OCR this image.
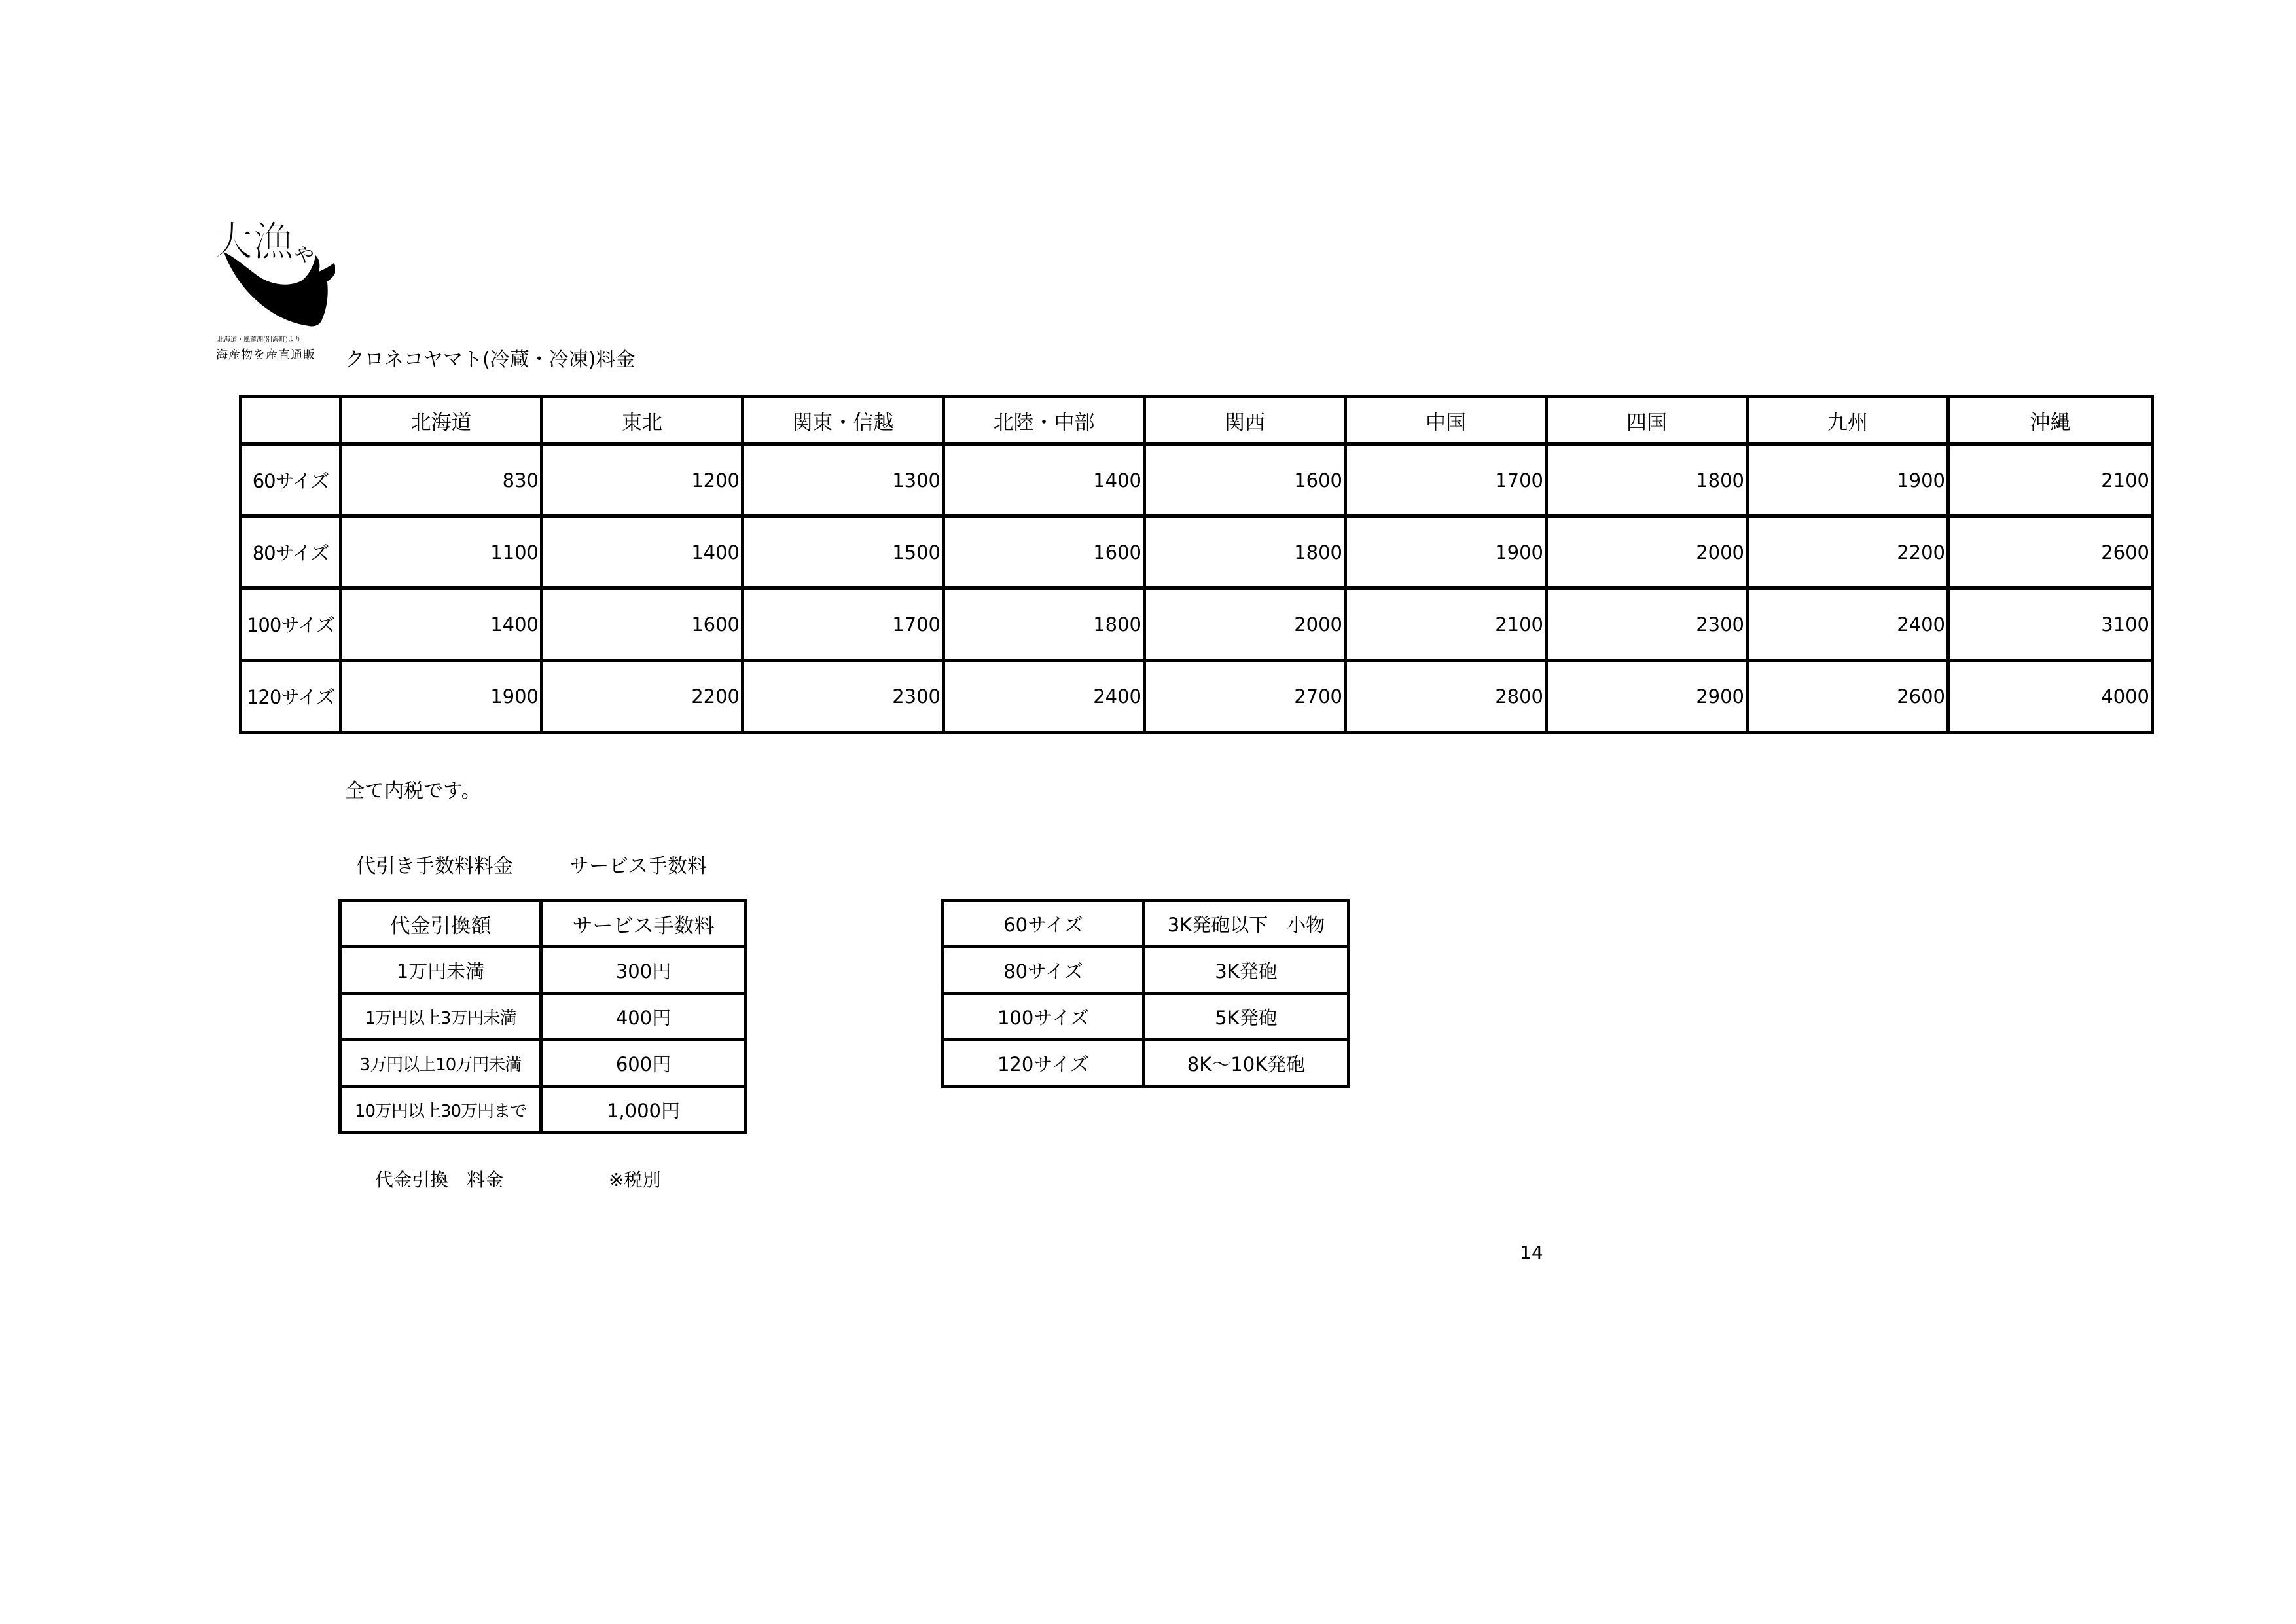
大漁 や
北海道・風蓮湖(別海町)より
海産物を産直通販	クロネコヤマト(冷蔵・冷凍)料金
	北海道	東北	関東・信越	北陸・中部	関西	中国	四国	九州	沖縄
60サイズ	830	1200	1300	1400	1600	1700	1800	1900	2100
80サイズ	1100	1400	1500	1600	1800	1900	2000	2200	2600
100サイズ	1400	1600	1700	1800	2000	2100	2300	2400	3100
120サイズ	1900	2200	2300	2400	2700	2800	2900	2600	4000
全て内税です。
代引き手数料料金	サービス手数料
代金引換額	サービス手数料
1万円未満	300円
1万円以上3万円未満	400円
3万円以上10万円未満	600円
10万円以上30万円まで	1,000円
60サイズ	3K発砲以下　小物
80サイズ	3K発砲
100サイズ	5K発砲
120サイズ	8K～10K発砲
代金引換　料金	※税別
14
